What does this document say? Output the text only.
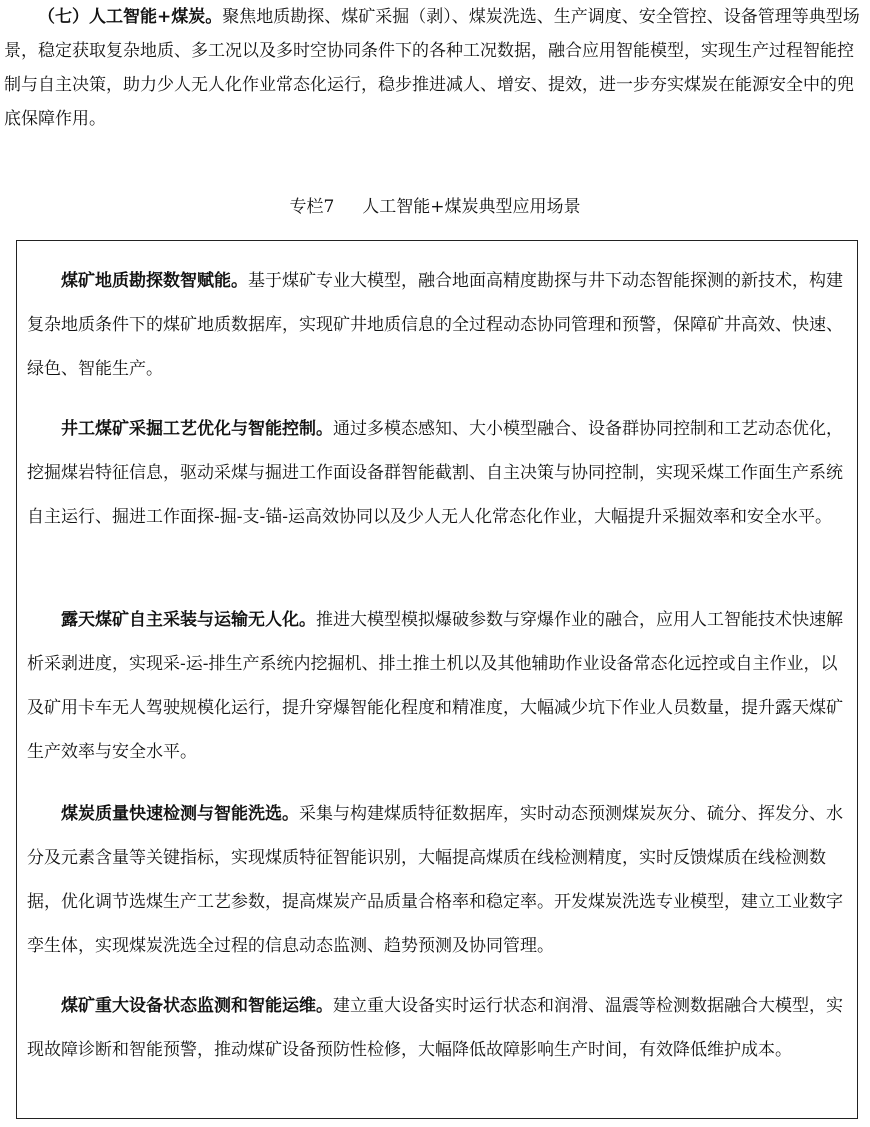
（七）人工智能+煤炭。聚焦地质勘探、煤矿采掘（剥）、煤炭洗选、生产调度、安全管控、设备管理等典型场景，稳定获取复杂地质、多工况以及多时空协同条件下的各种工况数据，融合应用智能模型，实现生产过程智能控制与自主决策，助力少人无人化作业常态化运行，稳步推进减人、增安、提效，进一步夯实煤炭在能源安全中的兜底保障作用。

专栏7 人工智能+煤炭典型应用场景

煤矿地质勘探数智赋能。基于煤矿专业大模型，融合地面高精度勘探与井下动态智能探测的新技术，构建复杂地质条件下的煤矿地质数据库，实现矿井地质信息的全过程动态协同管理和预警，保障矿井高效、快速、绿色、智能生产。

井工煤矿采掘工艺优化与智能控制。通过多模态感知、大小模型融合、设备群协同控制和工艺动态优化，挖掘煤岩特征信息，驱动采煤与掘进工作面设备群智能截割、自主决策与协同控制，实现采煤工作面生产系统自主运行、掘进工作面探-掘-支-锚-运高效协同以及少人无人化常态化作业，大幅提升采掘效率和安全水平。

露天煤矿自主采装与运输无人化。推进大模型模拟爆破参数与穿爆作业的融合，应用人工智能技术快速解析采剥进度，实现采-运-排生产系统内挖掘机、排土推土机以及其他辅助作业设备常态化远控或自主作业，以及矿用卡车无人驾驶规模化运行，提升穿爆智能化程度和精准度，大幅减少坑下作业人员数量，提升露天煤矿生产效率与安全水平。

煤炭质量快速检测与智能洗选。采集与构建煤质特征数据库，实时动态预测煤炭灰分、硫分、挥发分、水分及元素含量等关键指标，实现煤质特征智能识别，大幅提高煤质在线检测精度，实时反馈煤质在线检测数据，优化调节选煤生产工艺参数，提高煤炭产品质量合格率和稳定率。开发煤炭洗选专业模型，建立工业数字孪生体，实现煤炭洗选全过程的信息动态监测、趋势预测及协同管理。

煤矿重大设备状态监测和智能运维。建立重大设备实时运行状态和润滑、温震等检测数据融合大模型，实现故障诊断和智能预警，推动煤矿设备预防性检修，大幅降低故障影响生产时间，有效降低维护成本。
